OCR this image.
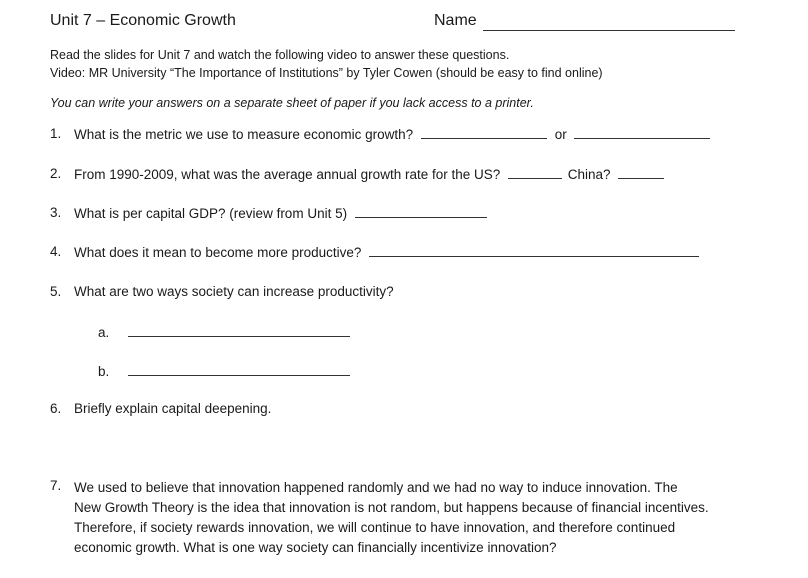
Unit 7 – Economic Growth	Name
Read the slides for Unit 7 and watch the following video to answer these questions.
Video: MR University “The Importance of Institutions” by Tyler Cowen (should be easy to find online)
You can write your answers on a separate sheet of paper if you lack access to a printer.
1. What is the metric we use to measure economic growth?	or
2. From 1990-2009, what was the average annual growth rate for the US?	China?
3. What is per capital GDP? (review from Unit 5)
4. What does it mean to become more productive?
5. What are two ways society can increase productivity?
a.
b.
6. Briefly explain capital deepening.
7. We used to believe that innovation happened randomly and we had no way to induce innovation. The
New Growth Theory is the idea that innovation is not random, but happens because of financial incentives.
Therefore, if society rewards innovation, we will continue to have innovation, and therefore continued
economic growth. What is one way society can financially incentivize innovation?
